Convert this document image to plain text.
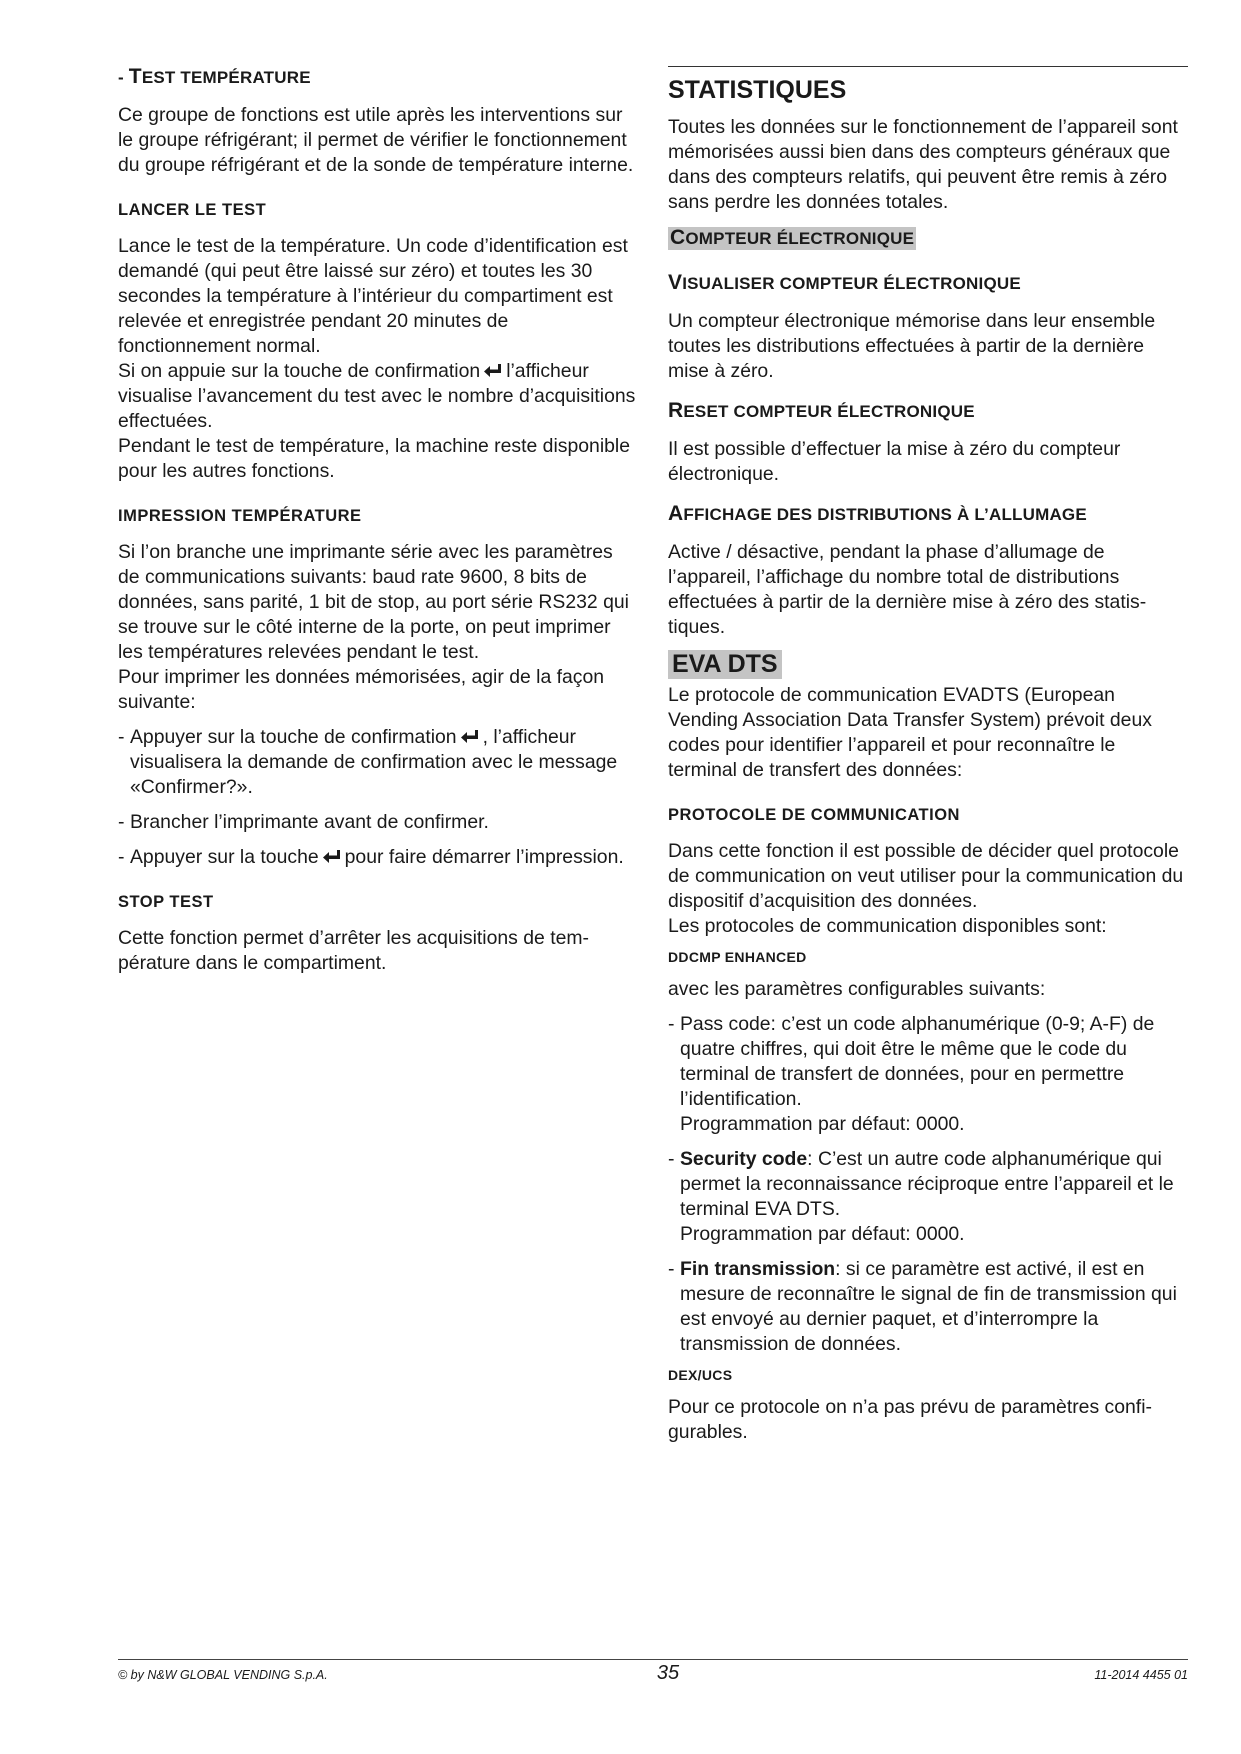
- TEST TEMPÉRATURE

Ce groupe de fonctions est utile après les interventions sur le groupe réfrigérant; il permet de vérifier le fonctionnement du groupe réfrigérant et de la sonde de température interne.

LANCER LE TEST

Lance le test de la température. Un code d’identification est demandé (qui peut être laissé sur zéro) et toutes les 30 secondes la température à l’intérieur du compartiment est relevée et enregistrée pendant 20 minutes de fonctionnement normal.

Si on appuie sur la touche de confirmation l’afficheur visualise l’avancement du test avec le nombre d’acquisitions effectuées.

Pendant le test de température, la machine reste disponible pour les autres fonctions.

IMPRESSION TEMPÉRATURE

Si l’on branche une imprimante série avec les paramètres de communications suivants: baud rate 9600, 8 bits de données, sans parité, 1 bit de stop, au port série RS232 qui se trouve sur le côté interne de la porte, on peut imprimer les températures relevées pendant le test.

Pour imprimer les données mémorisées, agir de la façon suivante:

- Appuyer sur la touche de confirmation , l’afficheur visualisera la demande de confirmation avec le message «Confirmer?».

- Brancher l’imprimante avant de confirmer.

- Appuyer sur la touche pour faire démarrer l’impression.

STOP TEST

Cette fonction permet d’arrêter les acquisitions de température dans le compartiment.

STATISTIQUES

Toutes les données sur le fonctionnement de l’appareil sont mémorisées aussi bien dans des compteurs généraux que dans des compteurs relatifs, qui peuvent être remis à zéro sans perdre les données totales.

COMPTEUR ÉLECTRONIQUE
VISUALISER COMPTEUR ÉLECTRONIQUE

Un compteur électronique mémorise dans leur ensemble toutes les distributions effectuées à partir de la dernière mise à zéro.

RESET COMPTEUR ÉLECTRONIQUE

Il est possible d’effectuer la mise à zéro du compteur électronique.

AFFICHAGE DES DISTRIBUTIONS À L’ALLUMAGE

Active / désactive, pendant la phase d’allumage de l’appareil, l’affichage du nombre total de distributions effectuées à partir de la dernière mise à zéro des statistiques.

EVA DTS

Le protocole de communication EVADTS (European Vending Association Data Transfer System) prévoit deux codes pour identifier l’appareil et pour reconnaître le terminal de transfert des données:

PROTOCOLE DE COMMUNICATION

Dans cette fonction il est possible de décider quel protocole de communication on veut utiliser pour la communication du dispositif d’acquisition des données.

Les protocoles de communication disponibles sont:

DDCMP ENHANCED

avec les paramètres configurables suivants:

- Pass code: c’est un code alphanumérique (0-9; A-F) de quatre chiffres, qui doit être le même que le code du terminal de transfert de données, pour en permettre l’identification.

Programmation par défaut: 0000.

- Security code: C’est un autre code alphanumérique qui permet la reconnaissance réciproque entre l’appareil et le terminal EVA DTS.

Programmation par défaut: 0000.

- Fin transmission: si ce paramètre est activé, il est en mesure de reconnaître le signal de fin de transmission qui est envoyé au dernier paquet, et d’interrompre la transmission de données.

DEX/UCS

Pour ce protocole on n’a pas prévu de paramètres configurables.

© by N&W GLOBAL VENDING S.p.A.	35	11-2014 4455 01
